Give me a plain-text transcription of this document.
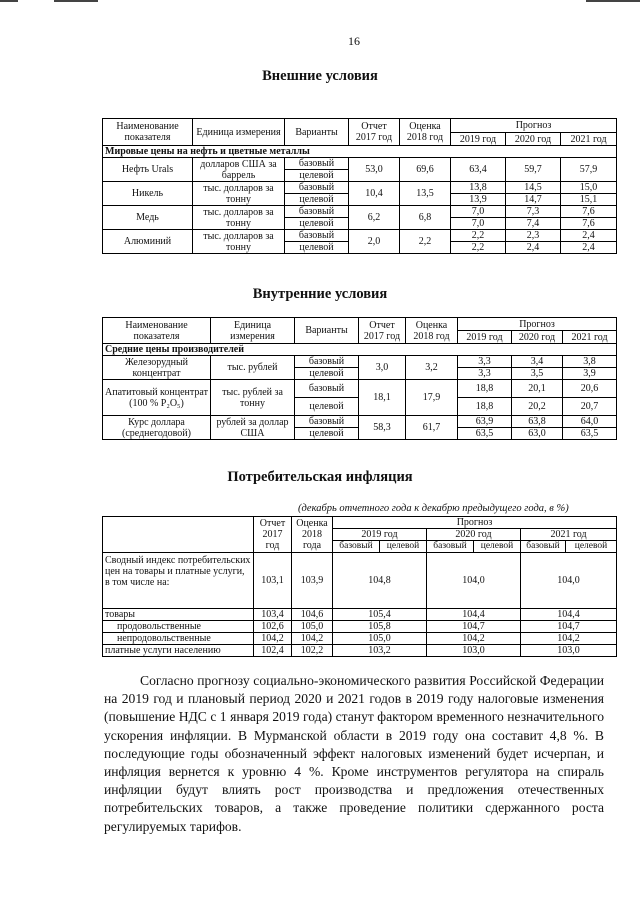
16
Внешние условия
Наименование показателя	Единица измерения	Варианты	Отчет 2017 год	Оценка 2018 год	Прогноз		
					2019 год	2020 год	2021 год
Мировые цены на нефть и цветные металлы							
Нефть Urals	долларов США за баррель	базовый	53,0	69,6	63,4	59,7	57,9
		целевой					
Никель	тыс. долларов за тонну	базовый	10,4	13,5	13,8	14,5	15,0
		целевой			13,9	14,7	15,1
Медь	тыс. долларов за тонну	базовый	6,2	6,8	7,0	7,3	7,6
		целевой			7,0	7,4	7,6
Алюминий	тыс. долларов за тонну	базовый	2,0	2,2	2,2	2,3	2,4
		целевой			2,2	2,4	2,4
Внутренние условия
Наименование показателя	Единица измерения	Варианты	Отчет 2017 год	Оценка 2018 год	Прогноз		
					2019 год	2020 год	2021 год
Средние цены производителей							
Железорудный концентрат	тыс. рублей	базовый	3,0	3,2	3,3	3,4	3,8
		целевой			3,3	3,5	3,9
Апатитовый концентрат (100 % P₂O₅)	тыс. рублей за тонну	базовый	18,1	17,9	18,8	20,1	20,6
		целевой			18,8	20,2	20,7
Курс доллара (среднегодовой)	рублей за доллар США	базовый	58,3	61,7	63,9	63,8	64,0
		целевой			63,5	63,0	63,5
Потребительская инфляция
(декабрь отчетного года к декабрю предыдущего года, в %)
	Отчет 2017 год	Оценка 2018 года	Прогноз					
			2019 год		2020 год		2021 год	
			базовый	целевой	базовый	целевой	базовый	целевой
Сводный индекс потребительских цен на товары и платные услуги, в том числе на:	103,1	103,9	104,8		104,0		104,0	
товары	103,4	104,6	105,4		104,4		104,4	
продовольственные	102,6	105,0	105,8		104,7		104,7	
непродовольственные	104,2	104,2	105,0		104,2		104,2	
платные услуги населению	102,4	102,2	103,2		103,0		103,0	
Согласно прогнозу социально-экономического развития Российской Федерации на 2019 год и плановый период 2020 и 2021 годов в 2019 году налоговые изменения (повышение НДС с 1 января 2019 года) станут фактором временного незначительного ускорения инфляции. В Мурманской области в 2019 году она составит 4,8 %. В последующие годы обозначенный эффект налоговых изменений будет исчерпан, и инфляция вернется к уровню 4 %. Кроме инструментов регулятора на спираль инфляции будут влиять рост производства и предложения отечественных потребительских товаров, а также проведение политики сдержанного роста регулируемых тарифов.
